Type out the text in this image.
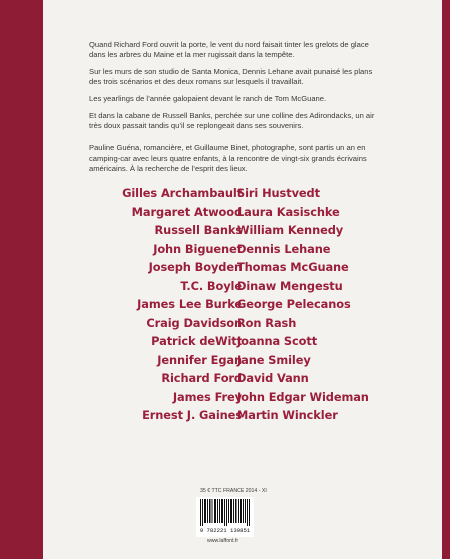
Quand Richard Ford ouvrit la porte, le vent du nord faisait tinter les grelots de glace dans les arbres du Maine et la mer rugissait dans la tempête.

Sur les murs de son studio de Santa Monica, Dennis Lehane avait punaisé les plans des trois scénarios et des deux romans sur lesquels il travaillait.

Les yearlings de l’année galopaient devant le ranch de Tom McGuane.

Et dans la cabane de Russell Banks, perchée sur une colline des Adirondacks, un air très doux passait tandis qu’il se replongeait dans ses souvenirs.

Pauline Guéna, romancière, et Guillaume Binet, photographe, sont partis un an en camping-car avec leurs quatre enfants, à la rencontre de vingt-six grands écrivains américains. À la recherche de l’esprit des lieux.

Gilles Archambault
Margaret Atwood
Russell Banks
John Biguenet
Joseph Boyden
T.C. Boyle
James Lee Burke
Craig Davidson
Patrick deWitt
Jennifer Egan
Richard Ford
James Frey
Ernest J. Gaines
Siri Hustvedt
Laura Kasischke
William Kennedy
Dennis Lehane
Thomas McGuane
Dinaw Mengestu
George Pelecanos
Ron Rash
Joanna Scott
Jane Smiley
David Vann
John Edgar Wideman
Martin Winckler
35 € TTC FRANCE 2014 - XI
9 782221 139851
www.laffont.fr
